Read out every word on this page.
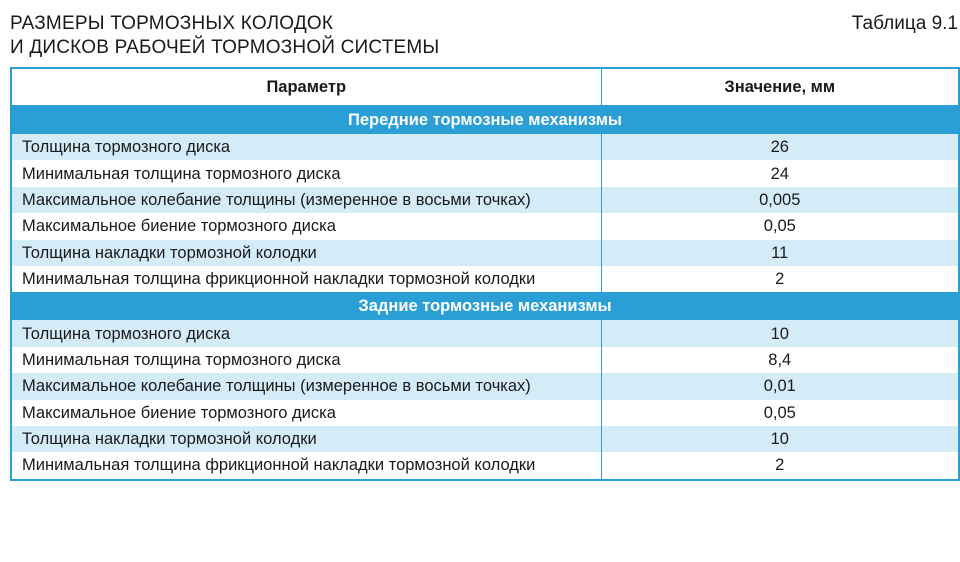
РАЗМЕРЫ ТОРМОЗНЫХ КОЛОДОК
И ДИСКОВ РАБОЧЕЙ ТОРМОЗНОЙ СИСТЕМЫ
Таблица 9.1
Параметр	Значение, мм
Передние тормозные механизмы	
Толщина тормозного диска	26
Минимальная толщина тормозного диска	24
Максимальное колебание толщины (измеренное в восьми точках)	0,005
Максимальное биение тормозного диска	0,05
Толщина накладки тормозной колодки	11
Минимальная толщина фрикционной накладки тормозной колодки	2
Задние тормозные механизмы	
Толщина тормозного диска	10
Минимальная толщина тормозного диска	8,4
Максимальное колебание толщины (измеренное в восьми точках)	0,01
Максимальное биение тормозного диска	0,05
Толщина накладки тормозной колодки	10
Минимальная толщина фрикционной накладки тормозной колодки	2
